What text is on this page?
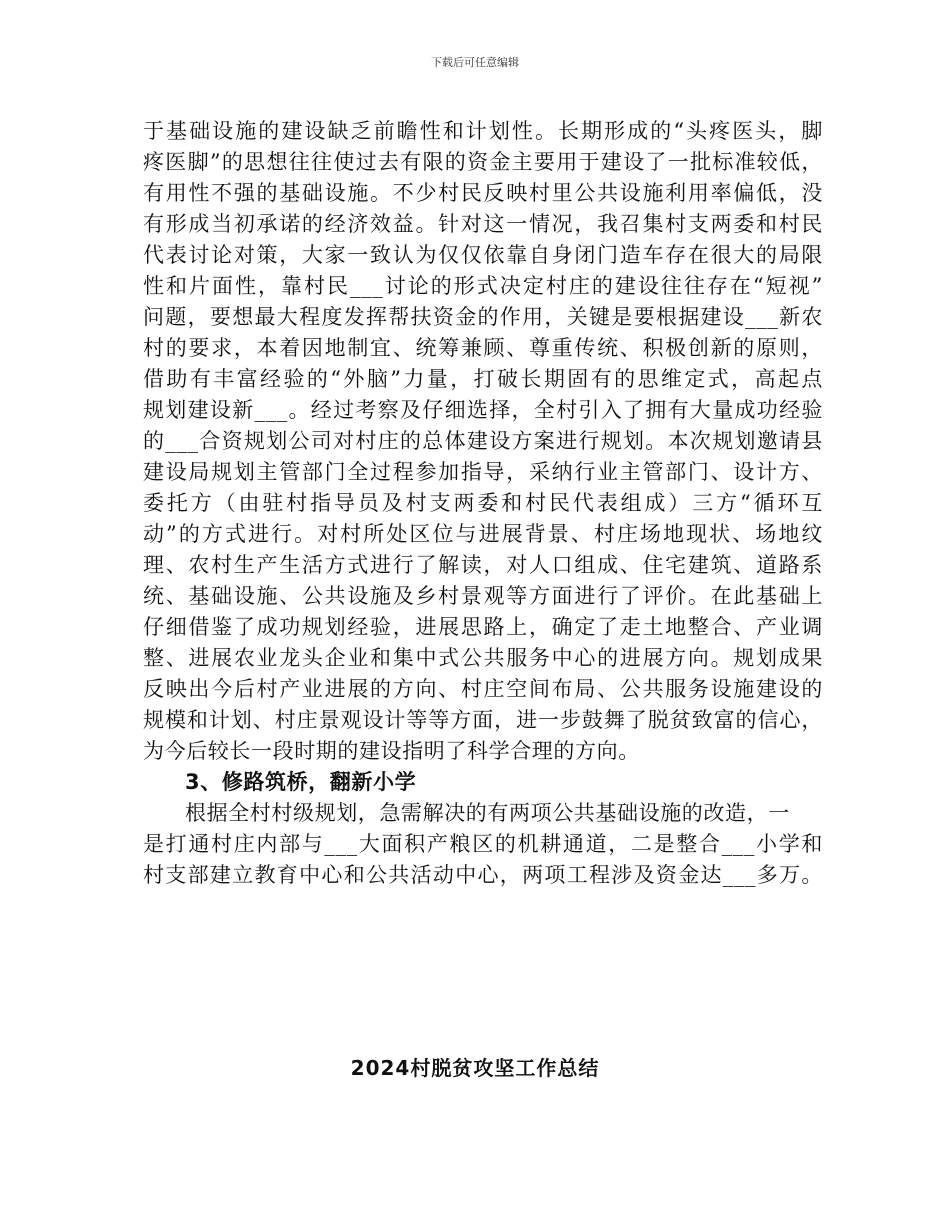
下载后可任意编辑
于基础设施的建设缺乏前瞻性和计划性。长期形成的“头疼医头，脚
疼医脚”的思想往往使过去有限的资金主要用于建设了一批标准较低，
有用性不强的基础设施。不少村民反映村里公共设施利用率偏低，没
有形成当初承诺的经济效益。针对这一情况，我召集村支两委和村民
代表讨论对策，大家一致认为仅仅依靠自身闭门造车存在很大的局限
性和片面性，靠村民___讨论的形式决定村庄的建设往往存在“短视”
问题，要想最大程度发挥帮扶资金的作用，关键是要根据建设___新农
村的要求，本着因地制宜、统筹兼顾、尊重传统、积极创新的原则，
借助有丰富经验的“外脑”力量，打破长期固有的思维定式，高起点
规划建设新___。经过考察及仔细选择，全村引入了拥有大量成功经验
的___合资规划公司对村庄的总体建设方案进行规划。本次规划邀请县
建设局规划主管部门全过程参加指导，采纳行业主管部门、设计方、
委托方（由驻村指导员及村支两委和村民代表组成）三方“循环互
动”的方式进行。对村所处区位与进展背景、村庄场地现状、场地纹
理、农村生产生活方式进行了解读，对人口组成、住宅建筑、道路系
统、基础设施、公共设施及乡村景观等方面进行了评价。在此基础上
仔细借鉴了成功规划经验，进展思路上，确定了走土地整合、产业调
整、进展农业龙头企业和集中式公共服务中心的进展方向。规划成果
反映出今后村产业进展的方向、村庄空间布局、公共服务设施建设的
规模和计划、村庄景观设计等等方面，进一步鼓舞了脱贫致富的信心，
为今后较长一段时期的建设指明了科学合理的方向。
3、修路筑桥，翻新小学
根据全村村级规划，急需解决的有两项公共基础设施的改造，一
是打通村庄内部与___大面积产粮区的机耕通道，二是整合___小学和
村支部建立教育中心和公共活动中心，两项工程涉及资金达___多万。
2024村脱贫攻坚工作总结
